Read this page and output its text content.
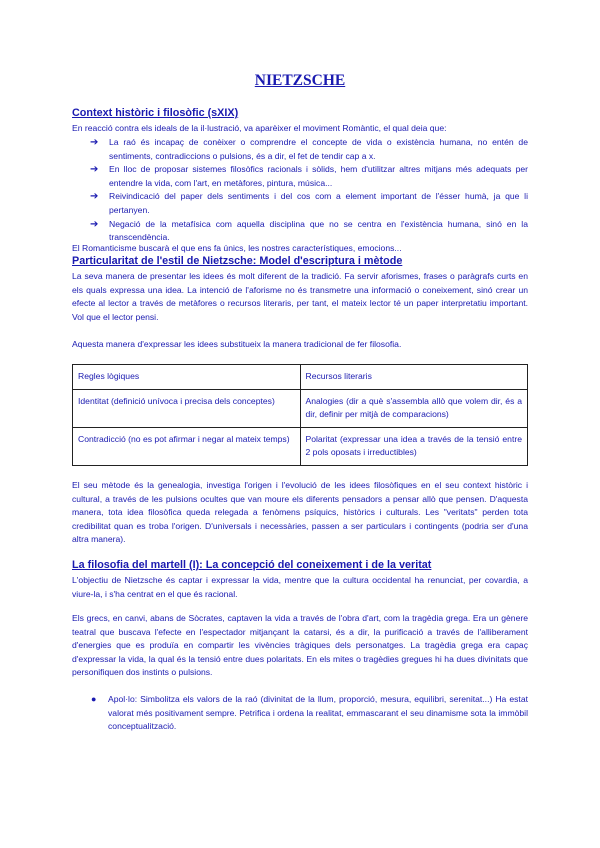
NIETZSCHE
Context històric i filosòfic (sXIX)

En reacció contra els ideals de la il·lustració, va aparèixer el moviment Romàntic, el qual deia que:

➔ La raó és incapaç de conèixer o comprendre el concepte de vida o existència humana, no entén de sentiments, contradiccions o pulsions, és a dir, el fet de tendir cap a x.
➔ En lloc de proposar sistemes filosòfics racionals i sòlids, hem d'utilitzar altres mitjans més adequats per entendre la vida, com l'art, en metàfores, pintura, música...
➔ Reivindicació del paper dels sentiments i del cos com a element important de l'ésser humà, ja que li pertanyen.
➔ Negació de la metafísica com aquella disciplina que no se centra en l'existència humana, sinó en la transcendència.

El Romanticisme buscarà el que ens fa únics, les nostres característiques, emocions...

Particularitat de l'estil de Nietzsche: Model d'escriptura i mètode

La seva manera de presentar les idees és molt diferent de la tradició. Fa servir aforismes, frases o paràgrafs curts en els quals expressa una idea. La intenció de l'aforisme no és transmetre una informació o coneixement, sinó crear un efecte al lector a través de metàfores o recursos literaris, per tant, el mateix lector té un paper interpretatiu important. Vol que el lector pensi.

Aquesta manera d'expressar les idees substitueix la manera tradicional de fer filosofia.

Regles lògiques	Recursos literaris
Identitat (definició unívoca i precisa dels conceptes)	Analogies (dir a què s'assembla allò que volem dir, és a dir, definir per mitjà de comparacions)
Contradicció (no es pot afirmar i negar al mateix temps)	Polaritat (expressar una idea a través de la tensió entre 2 pols oposats i irreductibles)

El seu mètode és la genealogia, investiga l'origen i l'evolució de les idees filosòfiques en el seu context històric i cultural, a través de les pulsions ocultes que van moure els diferents pensadors a pensar allò que pensen. D'aquesta manera, tota idea filosòfica queda relegada a fenòmens psíquics, històrics i culturals. Les "veritats" perden tota credibilitat quan es troba l'origen. D'universals i necessàries, passen a ser particulars i contingents (podria ser d'una altra manera).

La filosofia del martell (I): La concepció del coneixement i de la veritat

L'objectiu de Nietzsche és captar i expressar la vida, mentre que la cultura occidental ha renunciat, per covardia, a viure-la, i s'ha centrat en el que és racional.

Els grecs, en canvi, abans de Sòcrates, captaven la vida a través de l'obra d'art, com la tragèdia grega. Era un gènere teatral que buscava l'efecte en l'espectador mitjançant la catarsi, és a dir, la purificació a través de l'alliberament d'energies que es produïa en compartir les vivències tràgiques dels personatges. La tragèdia grega era capaç d'expressar la vida, la qual és la tensió entre dues polaritats. En els mites o tragèdies gregues hi ha dues divinitats que personifiquen dos instints o pulsions.

● Apol·lo: Simbolitza els valors de la raó (divinitat de la llum, proporció, mesura, equilibri, serenitat...) Ha estat valorat més positivament sempre. Petrifica i ordena la realitat, emmascarant el seu dinamisme sota la immòbil conceptualització.
